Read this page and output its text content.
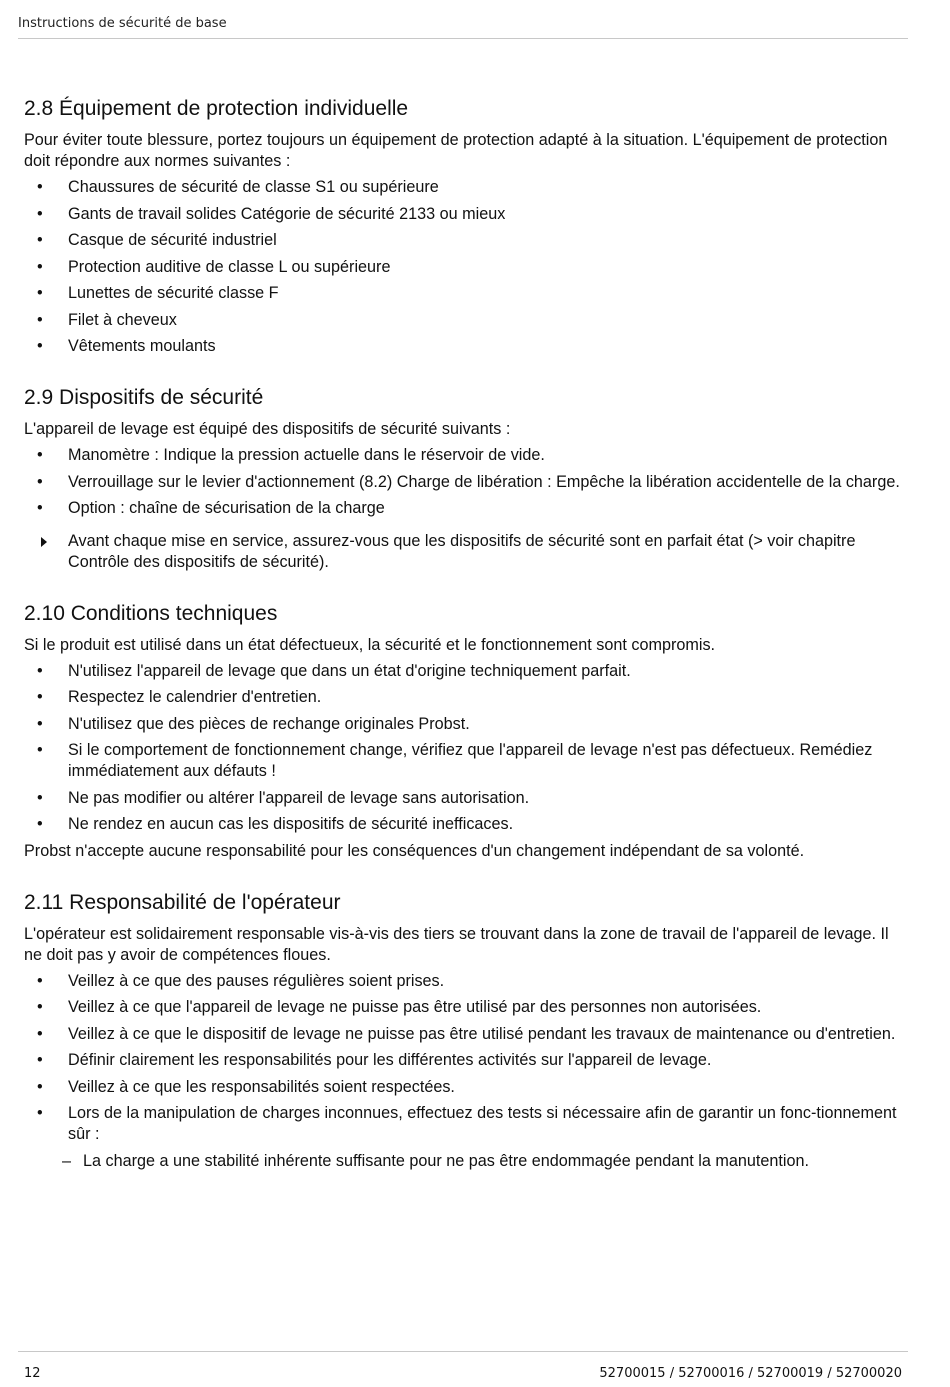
Instructions de sécurité de base
2.8 Équipement de protection individuelle

Pour éviter toute blessure, portez toujours un équipement de protection adapté à la situation. L'équipement de protection doit répondre aux normes suivantes :

• Chaussures de sécurité de classe S1 ou supérieure
• Gants de travail solides Catégorie de sécurité 2133 ou mieux
• Casque de sécurité industriel
• Protection auditive de classe L ou supérieure
• Lunettes de sécurité classe F
• Filet à cheveux
• Vêtements moulants
2.9 Dispositifs de sécurité

L'appareil de levage est équipé des dispositifs de sécurité suivants :

• Manomètre : Indique la pression actuelle dans le réservoir de vide.
• Verrouillage sur le levier d'actionnement (8.2) Charge de libération : Empêche la libération accidentelle de la charge.
• Option : chaîne de sécurisation de la charge
Avant chaque mise en service, assurez-vous que les dispositifs de sécurité sont en parfait état (> voir chapitre Contrôle des dispositifs de sécurité).
2.10 Conditions techniques

Si le produit est utilisé dans un état défectueux, la sécurité et le fonctionnement sont compromis.

• N'utilisez l'appareil de levage que dans un état d'origine techniquement parfait.
• Respectez le calendrier d'entretien.
• N'utilisez que des pièces de rechange originales Probst.
• Si le comportement de fonctionnement change, vérifiez que l'appareil de levage n'est pas défectueux. Remédiez immédiatement aux défauts !
• Ne pas modifier ou altérer l'appareil de levage sans autorisation.
• Ne rendez en aucun cas les dispositifs de sécurité inefficaces.

Probst n'accepte aucune responsabilité pour les conséquences d'un changement indépendant de sa volonté.

2.11 Responsabilité de l'opérateur

L'opérateur est solidairement responsable vis-à-vis des tiers se trouvant dans la zone de travail de l'appareil de levage. Il ne doit pas y avoir de compétences floues.

• Veillez à ce que des pauses régulières soient prises.
• Veillez à ce que l'appareil de levage ne puisse pas être utilisé par des personnes non autorisées.
• Veillez à ce que le dispositif de levage ne puisse pas être utilisé pendant les travaux de maintenance ou d'entretien.
• Définir clairement les responsabilités pour les différentes activités sur l'appareil de levage.
• Veillez à ce que les responsabilités soient respectées.
• Lors de la manipulation de charges inconnues, effectuez des tests si nécessaire afin de garantir un fonc-tionnement sûr :
– La charge a une stabilité inhérente suffisante pour ne pas être endommagée pendant la manutention.
12	52700015 / 52700016 / 52700019 / 52700020
